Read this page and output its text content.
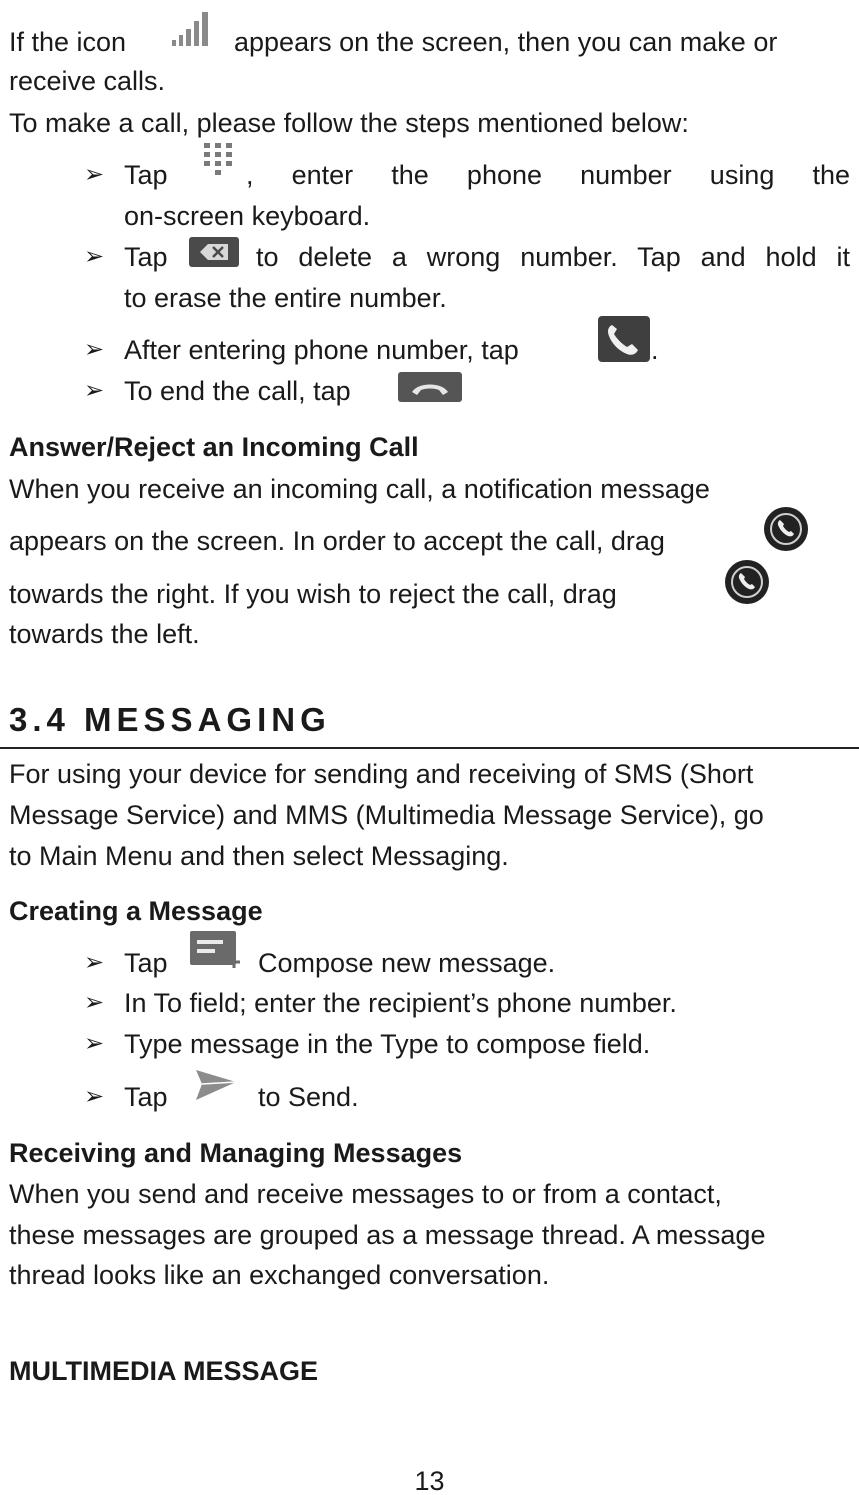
If the icon	appears on the screen, then you can make or
receive calls.
To make a call, please follow the steps mentioned below:
➢ Tap	, enter the phone number using the
on-screen keyboard.
➢ Tap	to delete a wrong number. Tap and hold it
to erase the entire number.
➢ After entering phone number, tap	.
➢ To end the call, tap
Answer/Reject an Incoming Call
When you receive an incoming call, a notification message
appears on the screen. In order to accept the call, drag
towards the right. If you wish to reject the call, drag
towards the left.
3.4 MESSAGING
For using your device for sending and receiving of SMS (Short
Message Service) and MMS (Multimedia Message Service), go
to Main Menu and then select Messaging.
Creating a Message
➢ Tap	Compose new message.
➢ In To field; enter the recipient’s phone number.
➢ Type message in the Type to compose field.
➢ Tap	to Send.
Receiving and Managing Messages
When you send and receive messages to or from a contact,
these messages are grouped as a message thread. A message
thread looks like an exchanged conversation.
MULTIMEDIA MESSAGE
13
